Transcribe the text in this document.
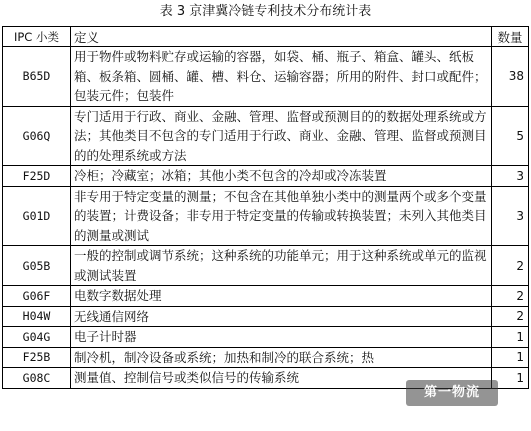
表 3 京津冀冷链专利技术分布统计表
IPC 小类	定义	数量
B65D	用于物件或物料贮存或运输的容器，如袋、桶、瓶子、箱盒、罐头、纸板箱、板条箱、圆桶、罐、槽、料仓、运输容器；所用的附件、封口或配件；包装元件；包装件	38
G06Q	专门适用于行政、商业、金融、管理、监督或预测目的的数据处理系统或方法；其他类目不包含的专门适用于行政、商业、金融、管理、监督或预测目的的处理系统或方法	5
F25D	冷柜；冷藏室；冰箱；其他小类不包含的冷却或冷冻装置	3
G01D	非专用于特定变量的测量；不包含在其他单独小类中的测量两个或多个变量的装置；计费设备；非专用于特定变量的传输或转换装置；未列入其他类目的测量或测试	3
G05B	一般的控制或调节系统；这种系统的功能单元；用于这种系统或单元的监视或测试装置	2
G06F	电数字数据处理	2
H04W	无线通信网络	2
G04G	电子计时器	1
F25B	制冷机，制冷设备或系统；加热和制冷的联合系统；热	1
G08C	测量值、控制信号或类似信号的传输系统	1
第一物流
